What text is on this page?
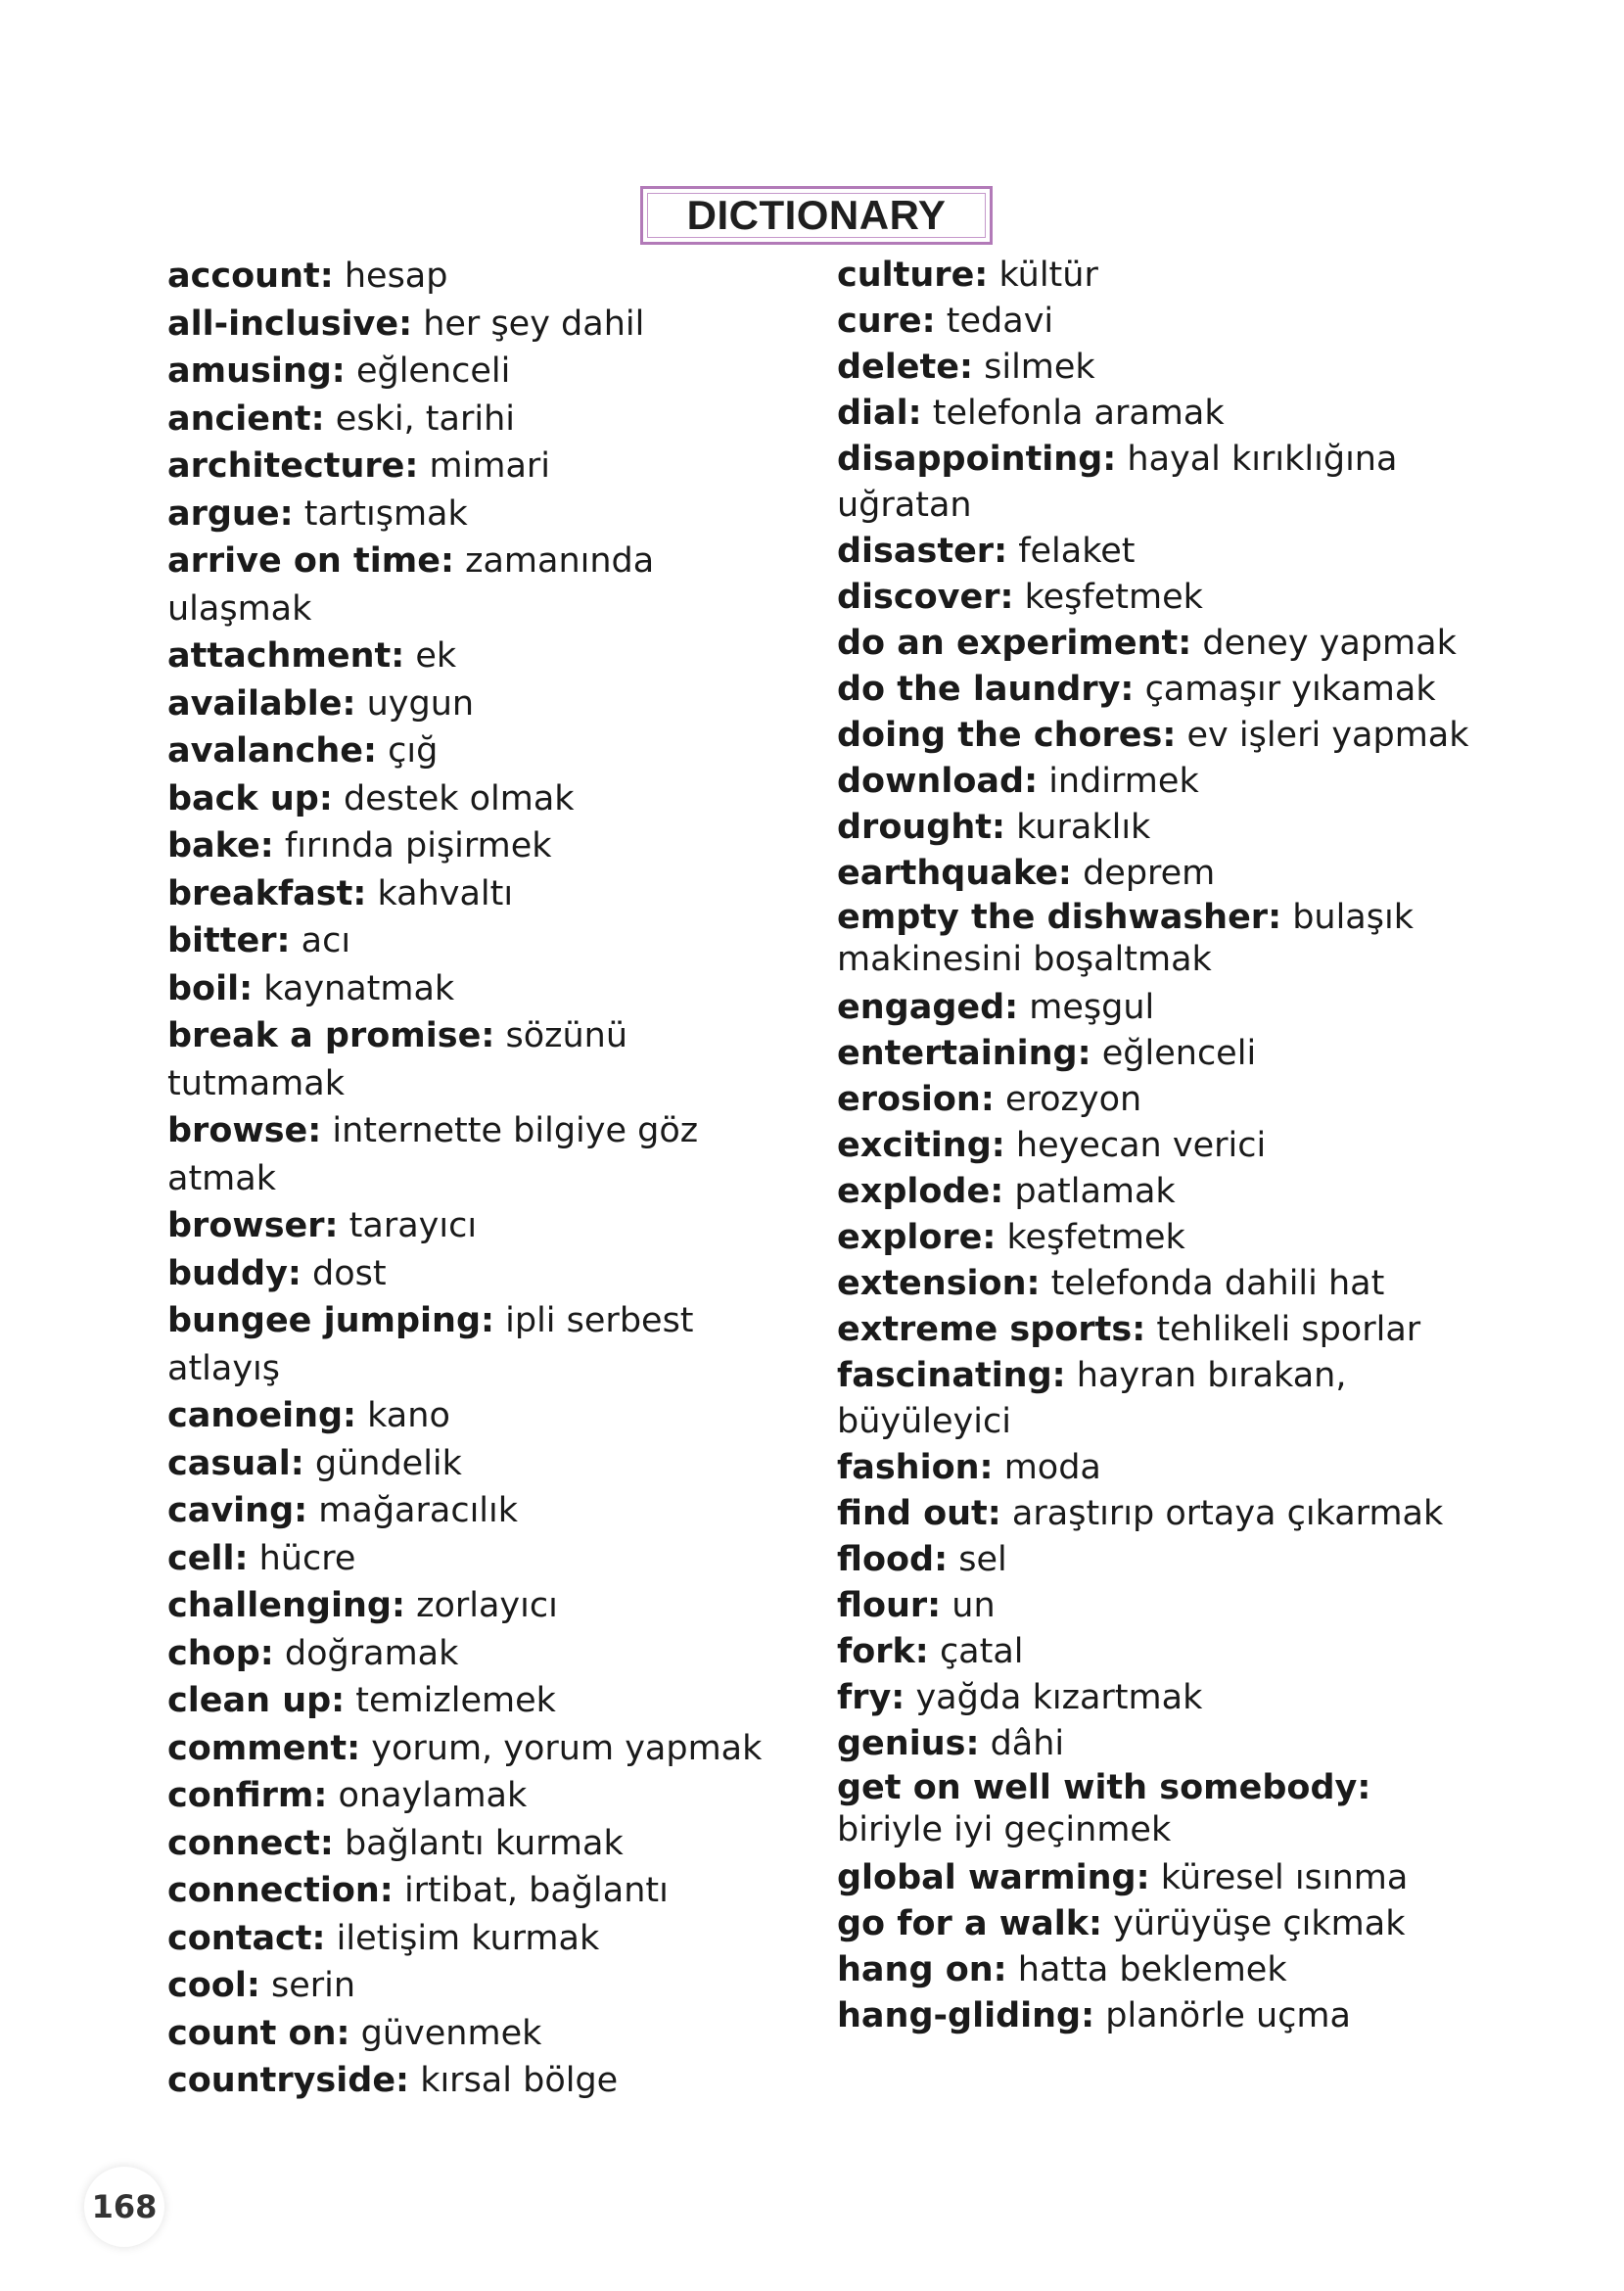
DICTIONARY
account: hesap
all-inclusive: her şey dahil
amusing: eğlenceli
ancient: eski, tarihi
architecture: mimari
argue: tartışmak
arrive on time: zamanında ulaşmak
attachment: ek
available: uygun
avalanche: çığ
back up: destek olmak
bake: fırında pişirmek
breakfast: kahvaltı
bitter: acı
boil: kaynatmak
break a promise: sözünü tutmamak
browse: internette bilgiye göz atmak
browser: tarayıcı
buddy: dost
bungee jumping: ipli serbest atlayış
canoeing: kano
casual: gündelik
caving: mağaracılık
cell: hücre
challenging: zorlayıcı
chop: doğramak
clean up: temizlemek
comment: yorum, yorum yapmak
confirm: onaylamak
connect: bağlantı kurmak
connection: irtibat, bağlantı
contact: iletişim kurmak
cool: serin
count on: güvenmek
countryside: kırsal bölge
culture: kültür
cure: tedavi
delete: silmek
dial: telefonla aramak
disappointing: hayal kırıklığına uğratan
disaster: felaket
discover: keşfetmek
do an experiment: deney yapmak
do the laundry: çamaşır yıkamak
doing the chores: ev işleri yapmak
download: indirmek
drought: kuraklık
earthquake: deprem
empty the dishwasher: bulaşık makinesini boşaltmak
engaged: meşgul
entertaining: eğlenceli
erosion: erozyon
exciting: heyecan verici
explode: patlamak
explore: keşfetmek
extension: telefonda dahili hat
extreme sports: tehlikeli sporlar
fascinating: hayran bırakan, büyüleyici
fashion: moda
find out: araştırıp ortaya çıkarmak
flood: sel
flour: un
fork: çatal
fry: yağda kızartmak
genius: dâhi
get on well with somebody: biriyle iyi geçinmek
global warming: küresel ısınma
go for a walk: yürüyüşe çıkmak
hang on: hatta beklemek
hang-gliding: planörle uçma
168
